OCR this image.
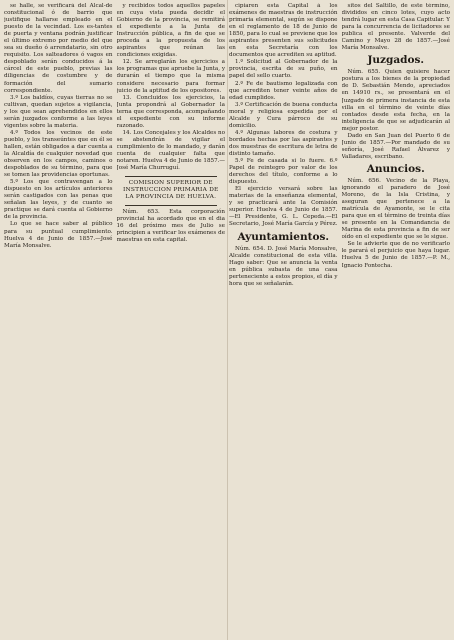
se halle, se verificará del Alcal-de constitucional ó de barrio que justifique hallarse empleado en el puesto de la vecindad. Los es-tantes de puerta y ventana podrán justificar el último extremo por medio del que sea su dueño ó arrendatario, sin otro requisito. Los salteadores ó vagos en despoblado serán conducidos á la cárcel de este pueblo, previas las diligencias de costumbre y de formación del sumario correspondiente.

3.º Los baldíos, cuyas tierras no se cultivan, quedan sujetos a vigilancia, y los que sean aprehendidos en ellos serán juzgados conforme a las leyes vigentes sobre la materia.

4.º Todos los vecinos de este pueblo, y los transeúntes que en él se hallen, están obligados a dar cuenta a la Alcaldía de cualquier novedad que observen en los campos, caminos o despoblados de su término, para que se tomen las providencias oportunas.

5.º Los que contravengan a lo dispuesto en los artículos anteriores serán castigados con las penas que señalan las leyes, y de cuanto se practique se dará cuenta al Gobierno de la provincia.

Lo que se hace saber al público para su puntual cumplimiento. Huelva 4 de Junio de 1857.—José María Monsalve.

y recibidos todos aquellos papeles en cuya vista pueda decidir el Gobierno de la provincia, se remitirá el expediente a la Junta de Instrucción pública, a fin de que se proceda a la propuesta de los aspirantes que reúnan las condiciones exigidas.

12. Se arreglarán los ejercicios a los programas que apruebe la Junta, y durarán el tiempo que la misma considere necesario para formar juicio de la aptitud de los opositores.

13. Concluidos los ejercicios, la Junta propondrá al Gobernador la terna que corresponda, acompañando el expediente con su informe razonado.

14. Los Concejales y los Alcaldes no se abstendrán de vigilar el cumplimiento de lo mandado, y darán cuenta de cualquier falta que notaren. Huelva 4 de Junio de 1857.—José María Churruguí.

COMISION SUPERIOR DE INSTRUCCION PRIMARIA DE LA PROVINCIA DE HUELVA.

Núm. 653. Esta corporación provincial ha acordado que en el dia 16 del próximo mes de Julio se principien a verificar los exámenes de maestras en esta capital.

cipiaren esta Capital á los exámenes de maestras de instrucción primaria elemental, según se dispone en el reglamento de 18 de Junio de 1850, para lo cual se previene que los aspirantes presenten sus solicitudes en esta Secretaría con los documentos que acrediten su aptitud.

1.º Solicitud al Gobernador de la provincia, escrita de su puño, en papel del sello cuarto.

2.º Fe de bautismo legalizada con que acrediten tener veinte años de edad cumplidos.

3.º Certificación de buena conducta moral y religiosa expedida por el Alcalde y Cura párroco de su domicilio.

4.º Algunas labores de costura y bordados hechas por las aspirantes y dos muestras de escritura de letra de distinto tamaño.

5.º Fe de casada si lo fuere. 6.º Papel de reintegro por valor de los derechos del título, conforme a lo dispuesto.

El ejercicio versará sobre las materias de la enseñanza elemental, y se practicará ante la Comisión superior. Huelva 4 de Junio de 1857.—El Presidente, G. L. Cepeda.—El Secretario, José María García y Pérez.

Ayuntamientos.

Núm. 654. D. José María Monsalve, Alcalde constitucional de esta villa. Hago saber: Que se anuncia la venta en pública subasta de una casa perteneciente a estos propios, el día y hora que se señalarán.

sitos del Saltillo, de este término, divididos en cinco lotes, cuyo acto tendrá lugar en esta Casa Capitular. Y para la concurrencia de licitadores se publica el presente. Valverde del Camino y Mayo 28 de 1857.—José María Monsalve.

Juzgados.

Núm. 655. Quien quisiere hacer postura a los bienes de la propiedad de D. Sebastián Mendo, apreciados en 14910 rs., se presentará en el Juzgado de primera instancia de esta villa en el término de veinte días contados desde esta fecha, en la inteligencia de que se adjudicarán al mejor postor.

Dado en San Juan del Puerto 6 de Junio de 1857.—Por mandado de su señoría, José Rafael Álvarez y Valladares, escribano.

Anuncios.

Núm. 656. Vecino de la Playa, ignorando el paradero de José Moreno, de la Isla Cristina, y aseguran que pertenece a la matrícula de Ayamonte, se le cita para que en el término de treinta días se presente en la Comandancia de Marina de esta provincia a fin de ser oído en el expediente que se le sigue.

Se le advierte que de no verificarlo le parará el perjuicio que haya lugar. Huelva 5 de Junio de 1857.—P. M., Ignacio Fontecha.
